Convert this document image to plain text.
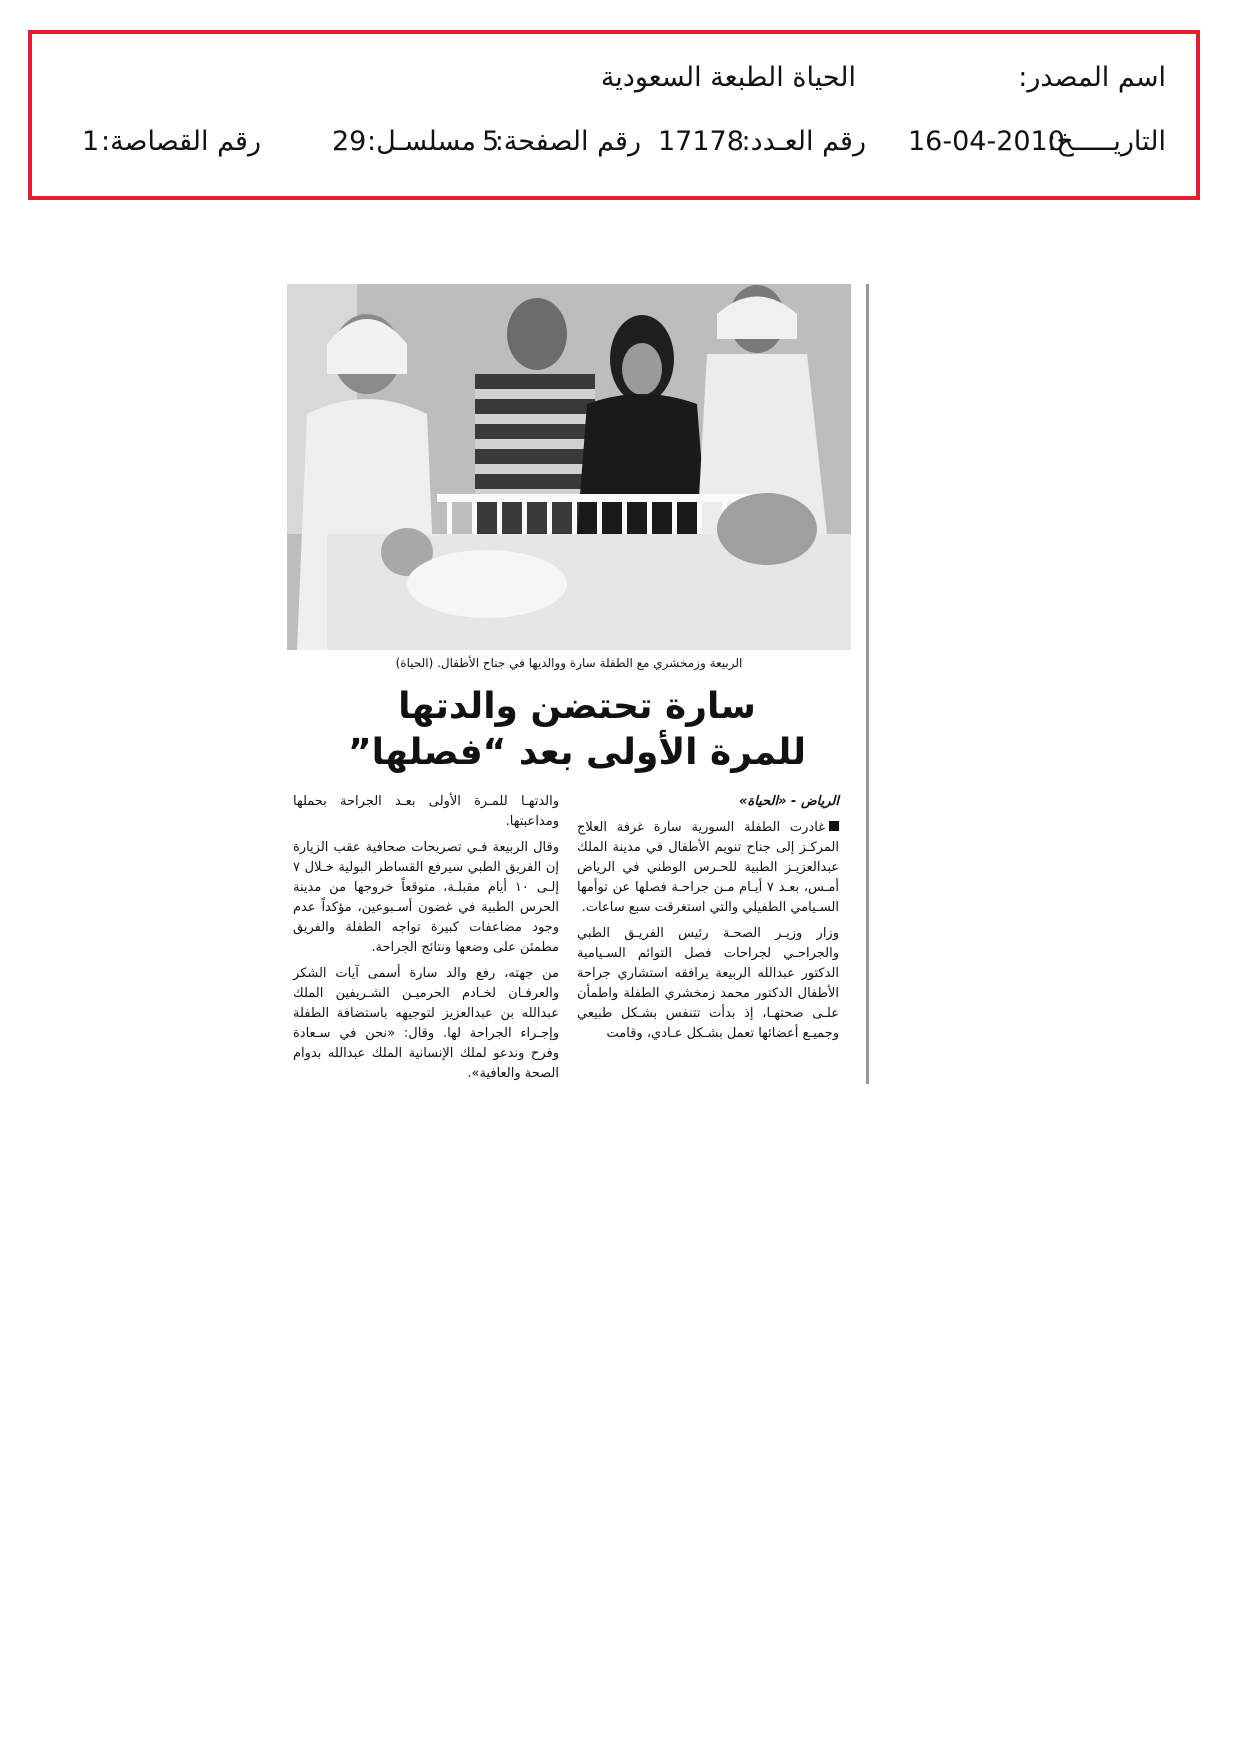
اسم المصدر:
الحياة الطبعة السعودية
التاريـــــخ:
16-04-2010
رقم العـدد:
17178
رقم الصفحة:
5
مسلسـل:
29
رقم القصاصة:
1
الربيعة وزمخشري مع الطفلة سارة ووالديها في جناح الأطفال. (الحياة)
سارة تحتضن والدتها
للمرة الأولى بعد “فصلها”

الرياض - «الحياة»

غادرت الطفلة السورية سارة غرفة العلاج المركـز إلى جناح تنويم الأطفال في مدينة الملك عبدالعزيـز الطبية للحـرس الوطني في الرياض أمـس، بعـد ٧ أيـام مـن جراحـة فصلها عن توأمها السـيامي الطفيلي والتي استغرقت سبع ساعات.

وزار وزيـر الصحـة رئيس الفريـق الطبي والجراحـي لجراحات فصل التوائم السـيامية الدكتور عبدالله الربيعة يرافقه استشاري جراحة الأطفال الدكتور محمد زمخشري الطفلة واطمأن علـى صحتهـا، إذ بدأت تتنفس بشـكل طبيعي وجميـع أعضائها تعمل بشـكل عـادي، وقامت

والدتهـا للمـرة الأولى بعـد الجراحة بحملها ومداعبتها.

وقال الربيعة فـي تصريحات صحافية عقب الزيارة إن الفريق الطبي سيرفع القساطر البولية خـلال ٧ إلـى ١٠ أيام مقبلـة، متوقعاً خروجها من مدينة الحرس الطبية في غضون أسـبوعين، مؤكداً عدم وجود مضاعفات كبيرة تواجه الطفلة والفريق مطمئن على وضعها ونتائج الجراحة.

من جهته، رفع والد سارة أسمى آيات الشكر والعرفـان لخـادم الحرميـن الشـريفين الملك عبدالله بن عبدالعزيز لتوجيهه باستضافة الطفلة وإجـراء الجراحة لها. وقال: «نحن في سـعادة وفرح وندعو لملك الإنسانية الملك عبدالله بدوام الصحة والعافية».
